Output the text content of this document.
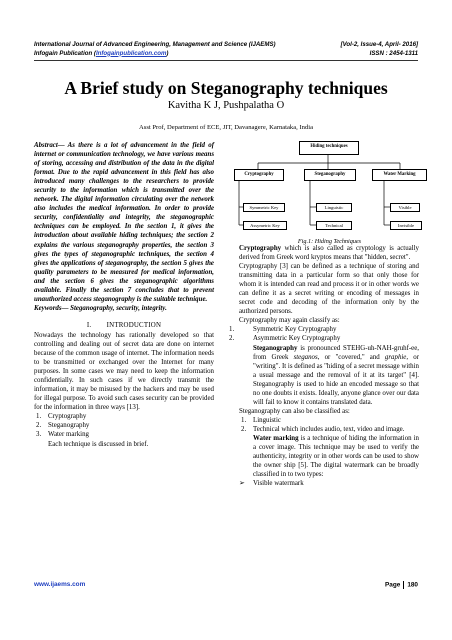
International Journal of Advanced Engineering, Management and Science (IJAEMS)	[Vol-2, Issue-4, April- 2016]
Infogain Publication (Infogainpublication.com)	ISSN : 2454-1311
A Brief study on Steganography techniques
Kavitha K J, Pushpalatha O
Asst Prof, Department of ECE, JIT, Davanagere, Karnataka, India
Abstract— As there is a lot of advancement in the field of internet or communication technology, we have various means of storing, accessing and distribution of the data in the digital format. Due to the rapid advancement in this field has also introduced many challenges to the researchers to provide security to the information which is transmitted over the network. The digital information circulating over the network also includes the medical information. In order to provide security, confidentiality and integrity, the steganographic techniques can be employed. In the section 1, it gives the introduction about available hiding techniques; the section 2 explains the various steganography properties, the section 3 gives the types of steganographic techniques, the section 4 gives the applications of steganography, the section 5 gives the quality parameters to be measured for medical information, and the section 6 gives the steganographic algorithms available. Finally the section 7 concludes that to prevent unauthorized access steganography is the suitable technique.
Keywords— Steganography, security, integrity.
I.        INTRODUCTION
Nowadays the technology has rationally developed so that controlling and dealing out of secret data are done on internet because of the common usage of internet. The information needs to be transmitted or exchanged over the Internet for many purposes. In some cases we may need to keep the information confidentially. In such cases if we directly transmit the information, it may be misused by the hackers and may be used for illegal purpose. To avoid such cases security can be provided for the information in three ways [13].
1. Cryptography
2. Steganography
3. Water marking
Each technique is discussed in brief.
Hiding techniques
Cryptography	Steganography	Water Marking
Symmetric Key
Assymetric Key
Linguistic
Technical
Visible
Invisible
Fig.1: Hiding Techniques
Cryptography which is also called as cryptology is actually derived from Greek word kryptos means that "hidden, secret".
Cryptography [3] can be defined as a technique of storing and transmitting data in a particular form so that only those for whom it is intended can read and process it or in other words we can define it as a secret writing or encoding of messages in secret code and decoding of the information only by the authorized persons.
Cryptography may again classify as:
1.	Symmetric Key Cryptography
2.	Asymmetric Key Cryptography
Steganography is pronounced STEHG-uh-NAH-gruhf-ee, from Greek steganos, or "covered," and graphie, or "writing". It is defined as "hiding of a secret message within a usual message and the removal of it at its target" [4]. Steganography is used to hide an encoded message so that no one doubts it exists. Ideally, anyone glance over our data will fail to know it contains translated data.
Steganography can also be classified as:
1. Linguistic
2. Technical which includes audio, text, video and image.
Water marking is a technique of hiding the information in a cover image. This technique may be used to verify the authenticity, integrity or in other words can be used to show the owner ship [5]. The digital watermark can be broadly classified in to two types:
➢ Visible watermark
www.ijaems.com	Page 180
